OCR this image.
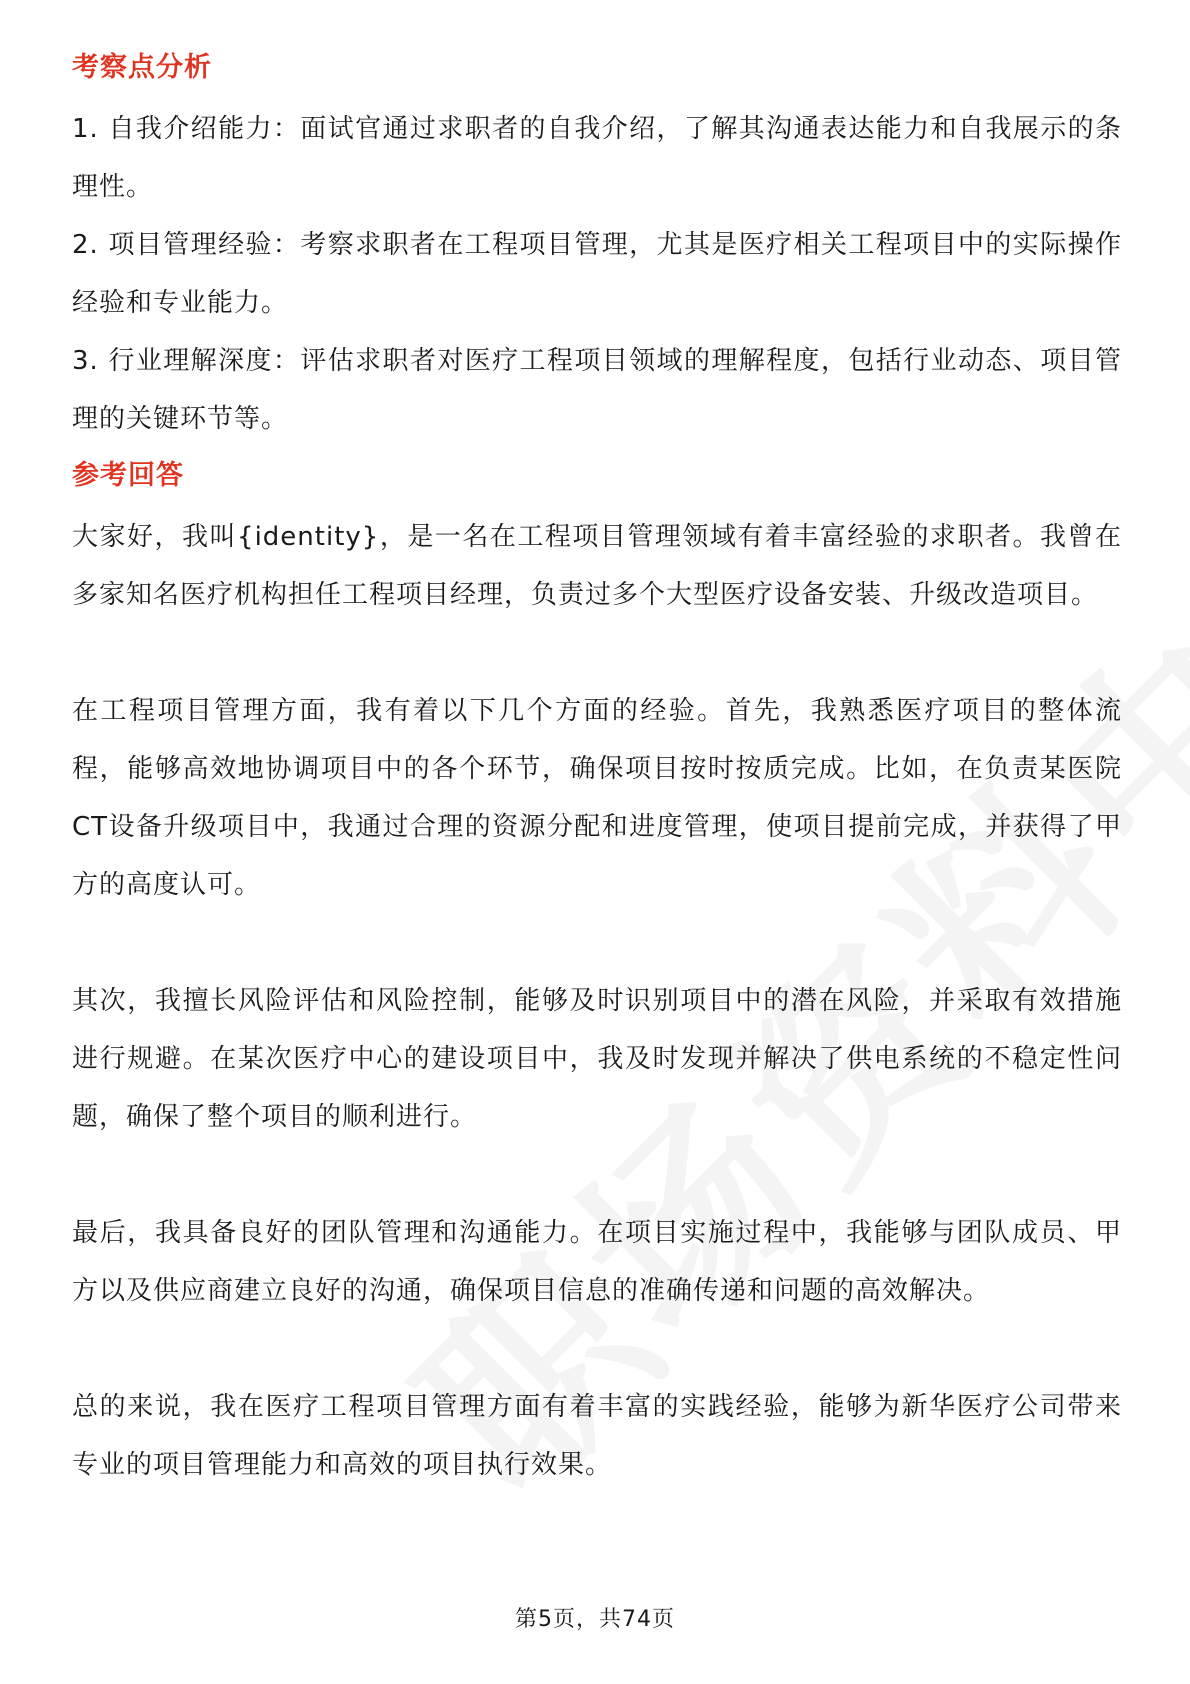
考察点分析

1. 自我介绍能力：面试官通过求职者的自我介绍，了解其沟通表达能力和自我展示的条理性。

2. 项目管理经验：考察求职者在工程项目管理，尤其是医疗相关工程项目中的实际操作经验和专业能力。

3. 行业理解深度：评估求职者对医疗工程项目领域的理解程度，包括行业动态、项目管理的关键环节等。

参考回答

大家好，我叫{identity}，是一名在工程项目管理领域有着丰富经验的求职者。我曾在多家知名医疗机构担任工程项目经理，负责过多个大型医疗设备安装、升级改造项目。

在工程项目管理方面，我有着以下几个方面的经验。首先，我熟悉医疗项目的整体流程，能够高效地协调项目中的各个环节，确保项目按时按质完成。比如，在负责某医院CT设备升级项目中，我通过合理的资源分配和进度管理，使项目提前完成，并获得了甲方的高度认可。

其次，我擅长风险评估和风险控制，能够及时识别项目中的潜在风险，并采取有效措施进行规避。在某次医疗中心的建设项目中，我及时发现并解决了供电系统的不稳定性问题，确保了整个项目的顺利进行。

最后，我具备良好的团队管理和沟通能力。在项目实施过程中，我能够与团队成员、甲方以及供应商建立良好的沟通，确保项目信息的准确传递和问题的高效解决。

总的来说，我在医疗工程项目管理方面有着丰富的实践经验，能够为新华医疗公司带来专业的项目管理能力和高效的项目执行效果。

第5页，共74页
